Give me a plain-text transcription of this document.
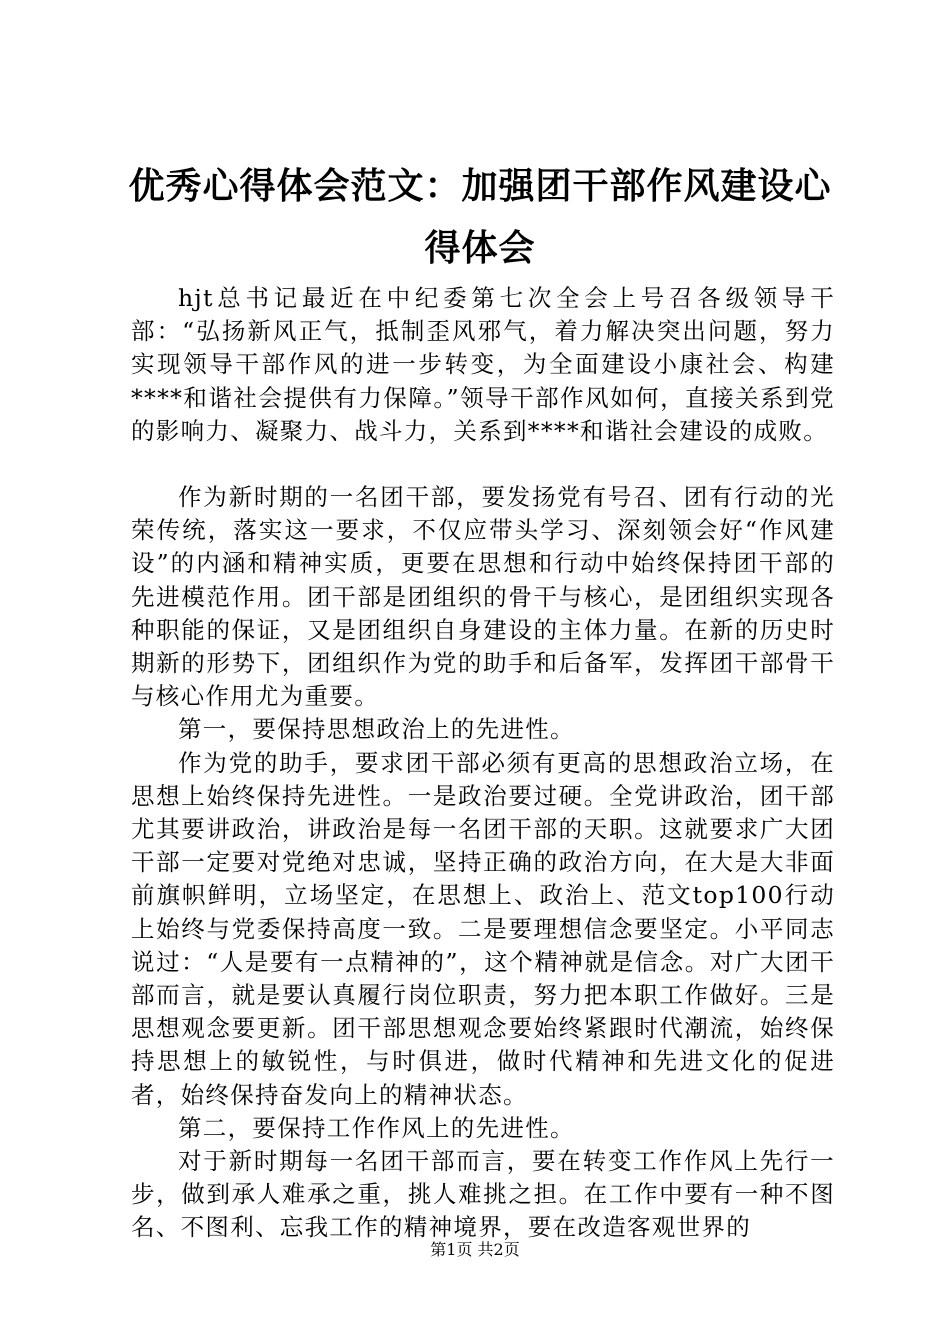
优秀心得体会范文：加强团干部作风建设心得体会

hjt总书记最近在中纪委第七次全会上号召各级领导干部：“弘扬新风正气，抵制歪风邪气，着力解决突出问题，努力实现领导干部作风的进一步转变，为全面建设小康社会、构建****和谐社会提供有力保障。”领导干部作风如何，直接关系到党的影响力、凝聚力、战斗力，关系到****和谐社会建设的成败。

作为新时期的一名团干部，要发扬党有号召、团有行动的光荣传统，落实这一要求，不仅应带头学习、深刻领会好“作风建设”的内涵和精神实质，更要在思想和行动中始终保持团干部的先进模范作用。团干部是团组织的骨干与核心，是团组织实现各种职能的保证，又是团组织自身建设的主体力量。在新的历史时期新的形势下，团组织作为党的助手和后备军，发挥团干部骨干与核心作用尤为重要。

第一，要保持思想政治上的先进性。

作为党的助手，要求团干部必须有更高的思想政治立场，在思想上始终保持先进性。一是政治要过硬。全党讲政治，团干部尤其要讲政治，讲政治是每一名团干部的天职。这就要求广大团干部一定要对党绝对忠诚，坚持正确的政治方向，在大是大非面前旗帜鲜明，立场坚定，在思想上、政治上、范文top100行动上始终与党委保持高度一致。二是要理想信念要坚定。小平同志说过：“人是要有一点精神的”，这个精神就是信念。对广大团干部而言，就是要认真履行岗位职责，努力把本职工作做好。三是思想观念要更新。团干部思想观念要始终紧跟时代潮流，始终保持思想上的敏锐性，与时俱进，做时代精神和先进文化的促进者，始终保持奋发向上的精神状态。

第二，要保持工作作风上的先进性。

对于新时期每一名团干部而言，要在转变工作作风上先行一步，做到承人难承之重，挑人难挑之担。在工作中要有一种不图名、不图利、忘我工作的精神境界，要在改造客观世界的

第1页 共2页
